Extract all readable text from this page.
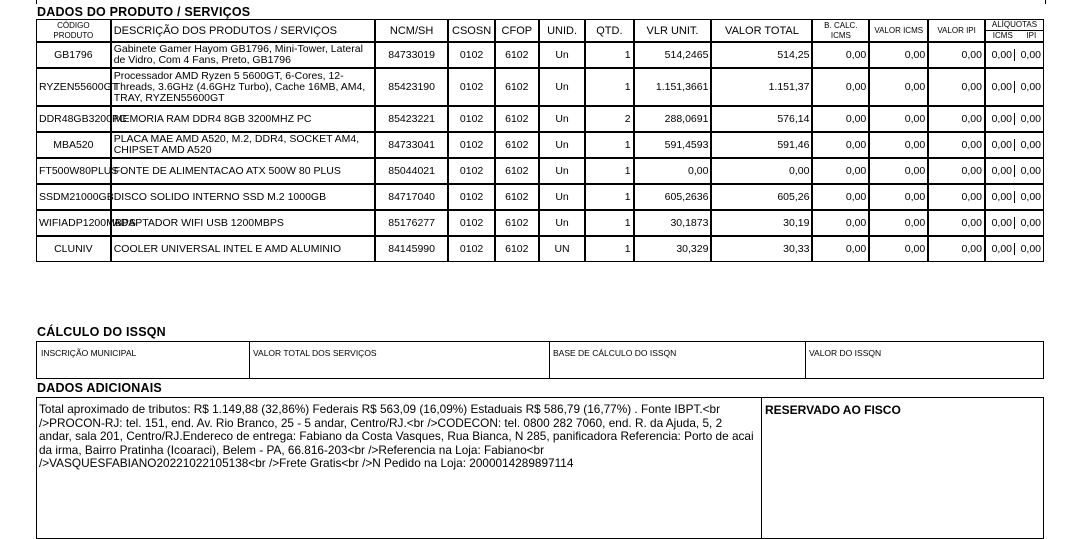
DADOS DO PRODUTO / SERVIÇOS
CÓDIGO PRODUTO	DESCRIÇÃO DOS PRODUTOS / SERVIÇOS	NCM/SH	CSOSN	CFOP	UNID.	QTD.	VLR UNIT.	VALOR TOTAL	B. CALC. ICMS	VALOR ICMS	VALOR IPI	ALÍQUOTAS
ICMS IPI

GB1796	Gabinete Gamer Hayom GB1796, Mini-Tower, Lateral de Vidro, Com 4 Fans, Preto, GB1796	84733019	0102	6102	Un	1	514,2465	514,25	0,00	0,00	0,00	0,00 0,00

RYZEN55600GT	Processador AMD Ryzen 5 5600GT, 6-Cores, 12-Threads, 3.6GHz (4.6GHz Turbo), Cache 16MB, AM4, TRAY, RYZEN55600GT	85423190	0102	6102	Un	1	1.151,3661	1.151,37	0,00	0,00	0,00	0,00 0,00

DDR48GB3200PC	MEMORIA RAM DDR4 8GB 3200MHZ PC	85423221	0102	6102	Un	2	288,0691	576,14	0,00	0,00	0,00	0,00 0,00

MBA520	PLACA MAE AMD A520, M.2, DDR4, SOCKET AM4, CHIPSET AMD A520	84733041	0102	6102	Un	1	591,4593	591,46	0,00	0,00	0,00	0,00 0,00

FT500W80PLUS	FONTE DE ALIMENTACAO ATX 500W 80 PLUS	85044021	0102	6102	Un	1	0,00	0,00	0,00	0,00	0,00	0,00 0,00

SSDM21000GB	DISCO SOLIDO INTERNO SSD M.2 1000GB	84717040	0102	6102	Un	1	605,2636	605,26	0,00	0,00	0,00	0,00 0,00

WIFIADP1200MBPS	ADAPTADOR WIFI USB 1200MBPS	85176277	0102	6102	Un	1	30,1873	30,19	0,00	0,00	0,00	0,00 0,00

CLUNIV	COOLER UNIVERSAL INTEL E AMD ALUMINIO	84145990	0102	6102	UN	1	30,329	30,33	0,00	0,00	0,00	0,00 0,00
CÁLCULO DO ISSQN
INSCRIÇÃO MUNICIPAL	VALOR TOTAL DOS SERVIÇOS	BASE DE CÁLCULO DO ISSQN	VALOR DO ISSQN
DADOS ADICIONAIS
Total aproximado de tributos: R$ 1.149,88 (32,86%) Federais R$ 563,09 (16,09%) Estaduais R$ 586,79 (16,77%) . Fonte IBPT.<br />PROCON-RJ: tel. 151, end. Av. Rio Branco, 25 - 5 andar, Centro/RJ.<br />CODECON: tel. 0800 282 7060, end. R. da Ajuda, 5, 2 andar, sala 201, Centro/RJ.Endereco de entrega: Fabiano da Costa Vasques, Rua Bianca, N 285, panificadora Referencia: Porto de acai da irma, Bairro Pratinha (Icoaraci), Belem - PA, 66.816-203<br />Referencia na Loja: Fabiano<br />VASQUESFABIANO20221022105138<br />Frete Gratis<br />N Pedido na Loja: 2000014289897114
RESERVADO AO FISCO
